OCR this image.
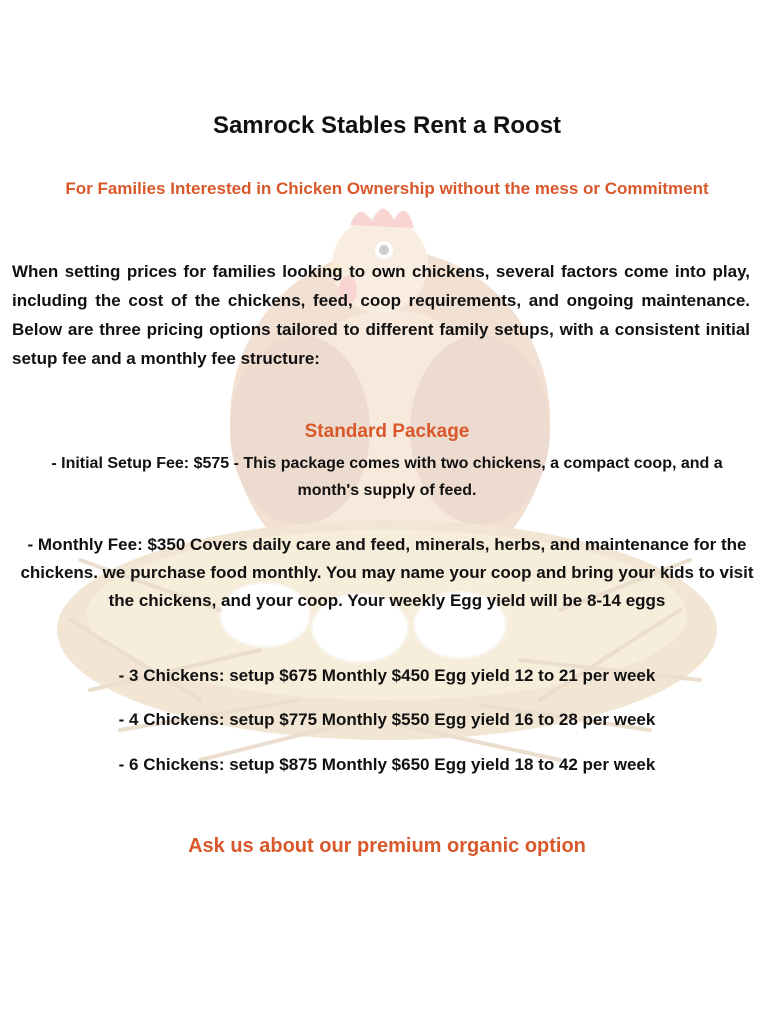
Samrock Stables Rent a Roost

For Families Interested in Chicken Ownership without the mess or Commitment

When setting prices for families looking to own chickens, several factors come into play, including the cost of the chickens, feed, coop requirements, and ongoing maintenance. Below are three pricing options tailored to different family setups, with a consistent initial setup fee and a monthly fee structure:

Standard Package

- Initial Setup Fee: $575 - This package comes with two chickens, a compact coop, and a month's supply of feed.

- Monthly Fee: $350 Covers daily care and feed, minerals, herbs, and maintenance for the chickens. we purchase food monthly. You may name your coop and bring your kids to visit the chickens, and your coop. Your weekly Egg yield will be 8-14 eggs

- 3 Chickens: setup $675 Monthly $450 Egg yield 12 to 21 per week

- 4 Chickens: setup $775 Monthly $550 Egg yield 16 to 28 per week

- 6 Chickens: setup $875 Monthly $650 Egg yield 18 to 42 per week

Ask us about our premium organic option
